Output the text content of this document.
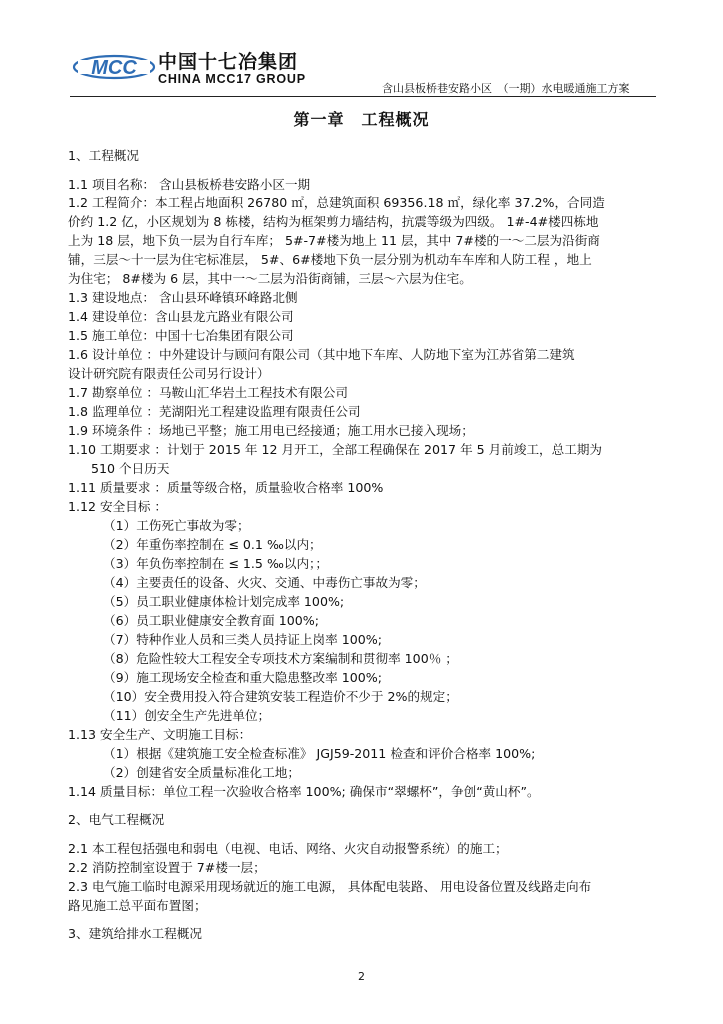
MCC 中国十七冶集团
CHINA MCC17 GROUP
含山县板桥巷安路小区　（一期）水电暖通施工方案
第一章　工程概况
1、工程概况
1.1 项目名称： 含山县板桥巷安路小区一期
1.2 工程简介：本工程占地面积 26780 ㎡，总建筑面积 69356.18 ㎡，绿化率 37.2%，合同造
价约 1.2 亿，小区规划为 8 栋楼，结构为框架剪力墙结构，抗震等级为四级。 1#-4#楼四栋地
上为 18 层，地下负一层为自行车库； 5#-7#楼为地上 11 层，其中 7#楼的一～二层为沿街商
铺，三层～十一层为住宅标准层， 5#、6#楼地下负一层分别为机动车车库和人防工程 ，地上
为住宅； 8#楼为 6 层，其中一～二层为沿街商铺，三层～六层为住宅。
1.3 建设地点： 含山县环峰镇环峰路北侧
1.4 建设单位：含山县龙亢路业有限公司
1.5 施工单位：中国十七冶集团有限公司
1.6 设计单位 ：中外建设计与顾问有限公司（其中地下车库、人防地下室为江苏省第二建筑
设计研究院有限责任公司另行设计）
1.7 勘察单位 ：马鞍山汇华岩土工程技术有限公司
1.8 监理单位 ：芜湖阳光工程建设监理有限责任公司
1.9 环境条件 ：场地已平整；施工用电已经接通；施工用水已接入现场；
1.10 工期要求 ：计划于 2015 年 12 月开工，全部工程确保在 2017 年 5 月前竣工，总工期为
510 个日历天
1.11 质量要求 ：质量等级合格，质量验收合格率 100%
1.12 安全目标 ：
（1）工伤死亡事故为零；
（2）年重伤率控制在 ≤ 0.1 ‰以内；
（3）年负伤率控制在 ≤ 1.5 ‰以内；；
（4）主要责任的设备、火灾、交通、中毒伤亡事故为零；
（5）员工职业健康体检计划完成率 100%;
（6）员工职业健康安全教育面 100%;
（7）特种作业人员和三类人员持证上岗率 100%;
（8）危险性较大工程安全专项技术方案编制和贯彻率 100％ ；
（9）施工现场安全检查和重大隐患整改率 100%;
（10）安全费用投入符合建筑安装工程造价不少于 2%的规定；
（11）创安全生产先进单位；
1.13 安全生产、文明施工目标：
（1）根据《建筑施工安全检查标准》 JGJ59-2011 检查和评价合格率 100%;
（2）创建省安全质量标准化工地；
1.14 质量目标：单位工程一次验收合格率 100%; 确保市“翠螺杯”，争创“黄山杯”。
2、电气工程概况
2.1 本工程包括强电和弱电（电视、电话、网络、火灾自动报警系统）的施工；
2.2 消防控制室设置于 7#楼一层；
2.3 电气施工临时电源采用现场就近的施工电源， 具体配电装路、 用电设备位置及线路走向布
路见施工总平面布置图；
3、建筑给排水工程概况
2
